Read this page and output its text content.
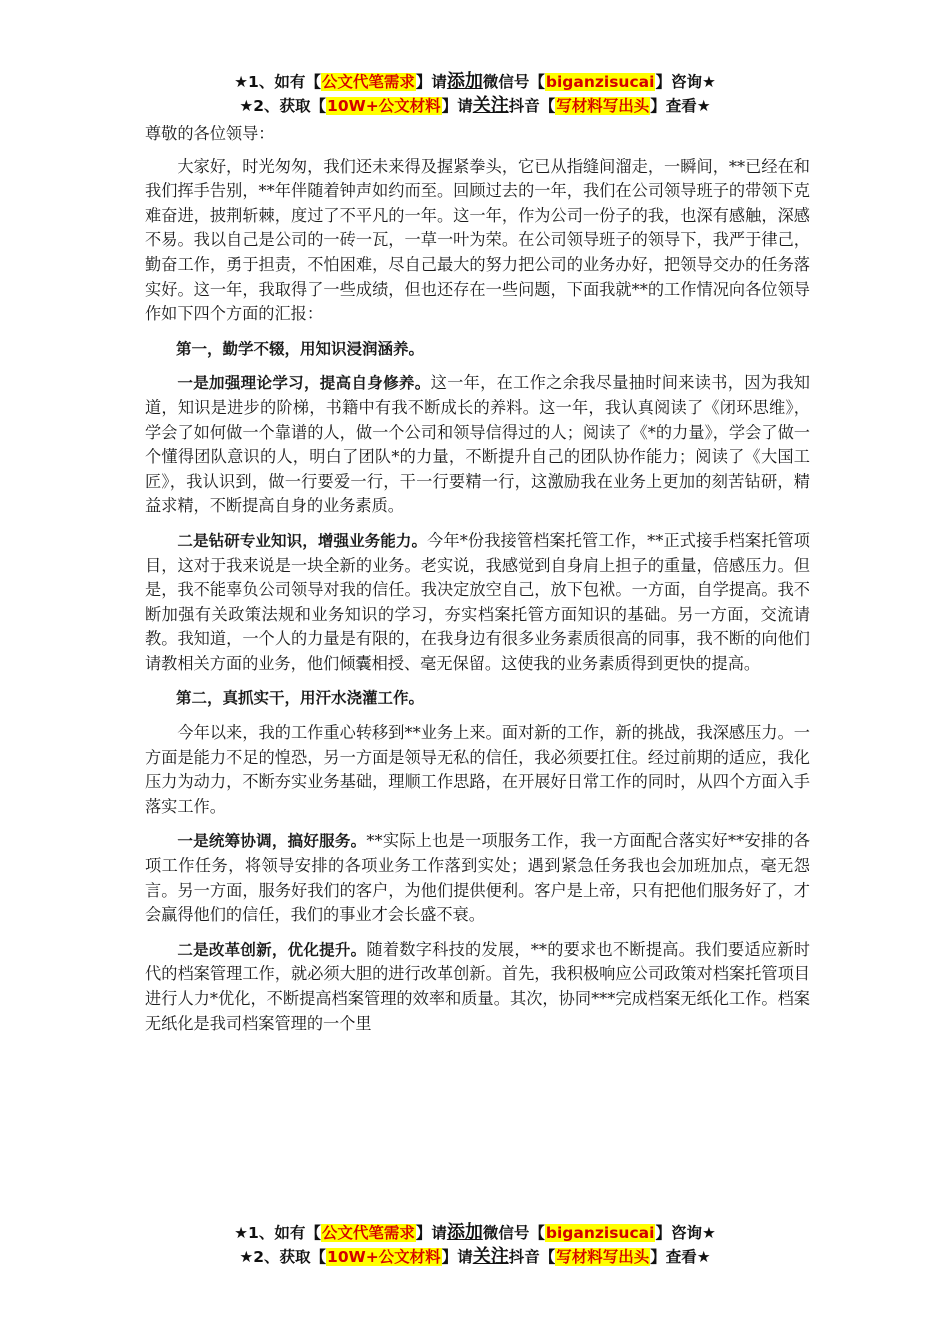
★1、如有【公文代笔需求】请添加微信号【biganzisucai】咨询★
★2、获取【10W+公文材料】请关注抖音【写材料写出头】查看★

尊敬的各位领导：

大家好，时光匆匆，我们还未来得及握紧拳头，它已从指缝间溜走，一瞬间，**已经在和我们挥手告别，**年伴随着钟声如约而至。回顾过去的一年，我们在公司领导班子的带领下克难奋进，披荆斩棘，度过了不平凡的一年。这一年，作为公司一份子的我，也深有感触，深感不易。我以自己是公司的一砖一瓦，一草一叶为荣。在公司领导班子的领导下，我严于律己，勤奋工作，勇于担责，不怕困难，尽自己最大的努力把公司的业务办好，把领导交办的任务落实好。这一年，我取得了一些成绩，但也还存在一些问题，下面我就**的工作情况向各位领导作如下四个方面的汇报：

第一，勤学不辍，用知识浸润涵养。

一是加强理论学习，提高自身修养。这一年，在工作之余我尽量抽时间来读书，因为我知道，知识是进步的阶梯，书籍中有我不断成长的养料。这一年，我认真阅读了《闭环思维》，学会了如何做一个靠谱的人，做一个公司和领导信得过的人；阅读了《*的力量》，学会了做一个懂得团队意识的人，明白了团队*的力量，不断提升自己的团队协作能力；阅读了《大国工匠》，我认识到，做一行要爱一行，干一行要精一行，这激励我在业务上更加的刻苦钻研，精益求精，不断提高自身的业务素质。

二是钻研专业知识，增强业务能力。今年*份我接管档案托管工作，**正式接手档案托管项目，这对于我来说是一块全新的业务。老实说，我感觉到自身肩上担子的重量，倍感压力。但是，我不能辜负公司领导对我的信任。我决定放空自己，放下包袱。一方面，自学提高。我不断加强有关政策法规和业务知识的学习，夯实档案托管方面知识的基础。另一方面，交流请教。我知道，一个人的力量是有限的，在我身边有很多业务素质很高的同事，我不断的向他们请教相关方面的业务，他们倾囊相授、毫无保留。这使我的业务素质得到更快的提高。

第二，真抓实干，用汗水浇灌工作。

今年以来，我的工作重心转移到**业务上来。面对新的工作，新的挑战，我深感压力。一方面是能力不足的惶恐，另一方面是领导无私的信任，我必须要扛住。经过前期的适应，我化压力为动力，不断夯实业务基础，理顺工作思路，在开展好日常工作的同时，从四个方面入手落实工作。

一是统筹协调，搞好服务。**实际上也是一项服务工作，我一方面配合落实好**安排的各项工作任务，将领导安排的各项业务工作落到实处；遇到紧急任务我也会加班加点，毫无怨言。另一方面，服务好我们的客户，为他们提供便利。客户是上帝，只有把他们服务好了，才会赢得他们的信任，我们的事业才会长盛不衰。

二是改革创新，优化提升。随着数字科技的发展，**的要求也不断提高。我们要适应新时代的档案管理工作，就必须大胆的进行改革创新。首先，我积极响应公司政策对档案托管项目进行人力*优化，不断提高档案管理的效率和质量。其次，协同***完成档案无纸化工作。档案无纸化是我司档案管理的一个里

★1、如有【公文代笔需求】请添加微信号【biganzisucai】咨询★
★2、获取【10W+公文材料】请关注抖音【写材料写出头】查看★
